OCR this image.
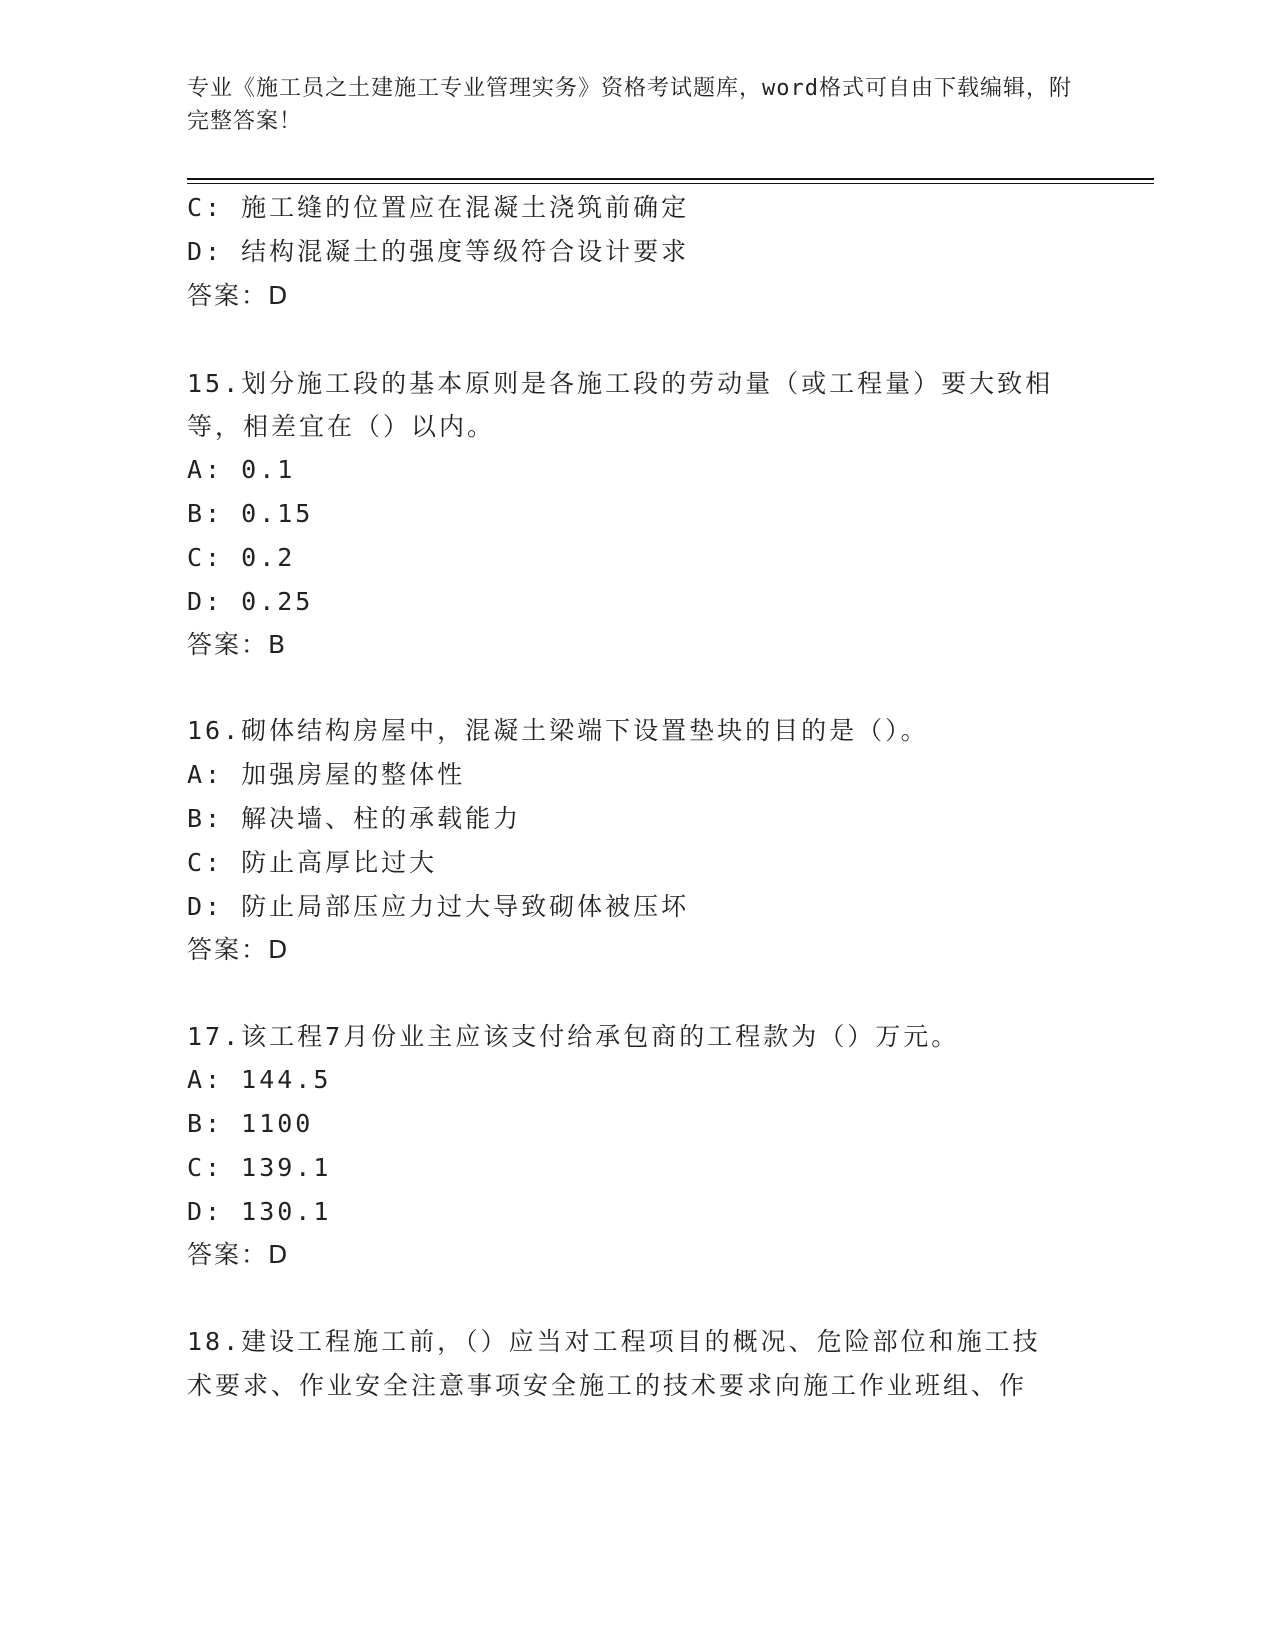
专业《施工员之土建施工专业管理实务》资格考试题库，word格式可自由下载编辑，附完整答案！
C: 施工缝的位置应在混凝土浇筑前确定
D: 结构混凝土的强度等级符合设计要求
答案：D
15.划分施工段的基本原则是各施工段的劳动量（或工程量）要大致相
等，相差宜在（）以内。
A: 0.1
B: 0.15
C: 0.2
D: 0.25
答案：B
16.砌体结构房屋中，混凝土梁端下设置垫块的目的是（）。
A: 加强房屋的整体性
B: 解决墙、柱的承载能力
C: 防止高厚比过大
D: 防止局部压应力过大导致砌体被压坏
答案：D
17.该工程7月份业主应该支付给承包商的工程款为（）万元。
A: 144.5
B: 1100
C: 139.1
D: 130.1
答案：D
18.建设工程施工前，（）应当对工程项目的概况、危险部位和施工技
术要求、作业安全注意事项安全施工的技术要求向施工作业班组、作
